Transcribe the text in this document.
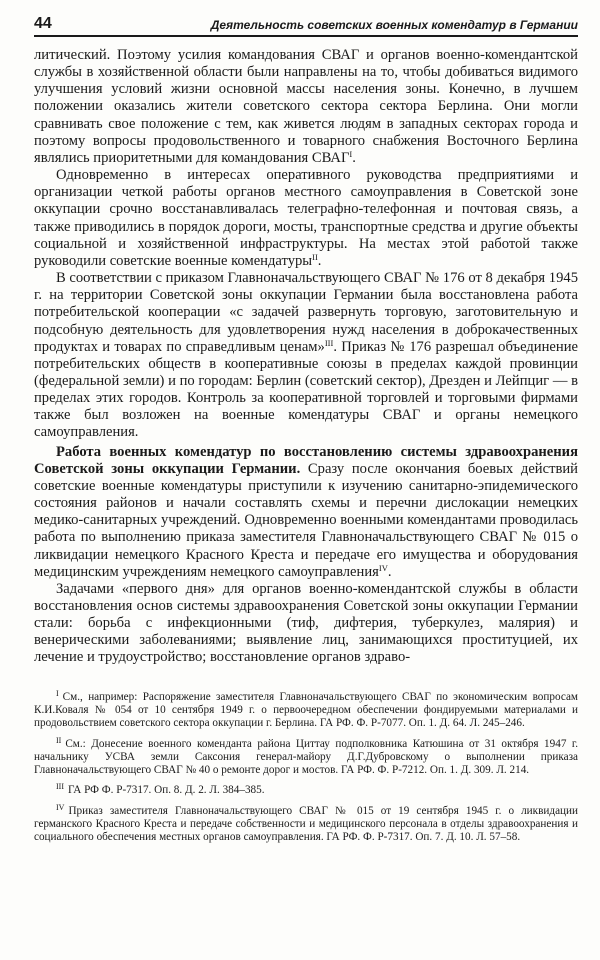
44	Деятельность советских военных комендатур в Германии

литический. Поэтому усилия командования СВАГ и органов военно-комендантской службы в хозяйственной области были направлены на то, чтобы добиваться видимого улучшения условий жизни основной массы населения зоны. Конечно, в лучшем положении оказались жители советского сектора сектора Берлина. Они могли сравнивать свое положение с тем, как живется людям в западных секторах города и поэтому вопросы продовольственного и товарного снабжения Восточного Берлина являлись приоритетными для командования $СВАГ^I$.

Одновременно в интересах оперативного руководства предприятиями и организации четкой работы органов местного самоуправления в Советской зоне оккупации срочно восстанавливалась телеграфно-телефонная и почтовая связь, а также приводились в порядок дороги, мосты, транспортные средства и другие объекты социальной и хозяйственной инфраструктуры. На местах этой работой также руководили советские военные комендатуры$^{II}$.

В соответствии с приказом Главноначальствующего СВАГ № 176 от 8 декабря 1945 г. на территории Советской зоны оккупации Германии была восстановлена работа потребительской кооперации «с задачей развернуть торговую, заготовительную и подсобную деятельность для удовлетворения нужд населения в доброкачественных продуктах и товарах по справедливым ценам»$^{III}$. Приказ № 176 разрешал объединение потребительских обществ в кооперативные союзы в пределах каждой провинции (федеральной земли) и по городам: Берлин (советский сектор), Дрезден и Лейпциг — в пределах этих городов. Контроль за кооперативной торговлей и торговыми фирмами также был возложен на военные комендатуры СВАГ и органы немецкого самоуправления.

Работа военных комендатур по восстановлению системы здравоохранения Советской зоны оккупации Германии. Сразу после окончания боевых действий советские военные комендатуры приступили к изучению санитарно-эпидемического состояния районов и начали составлять схемы и перечни дислокации немецких медико-санитарных учреждений. Одновременно военными комендантами проводилась работа по выполнению приказа заместителя Главноначальствующего СВАГ № 015 о ликвидации немецкого Красного Креста и передаче его имущества и оборудования медицинским учреждениям немецкого самоуправления$^{IV}$.

Задачами «первого дня» для органов военно-комендантской службы в области восстановления основ системы здравоохранения Советской зоны оккупации Германии стали: борьба с инфекционными (тиф, дифтерия, туберкулез, малярия) и венерическими заболеваниями; выявление лиц, занимающихся проституцией, их лечение и трудоустройство; восстановление органов здраво-

$^I$ См., например: Распоряжение заместителя Главноначальствующего СВАГ по экономическим вопросам К.И.Коваля № 054 от 10 сентября 1949 г. о первоочередном обеспечении фондируемыми материалами и продовольствием советского сектора оккупации г. Берлина. ГА РФ. Ф. Р-7077. Оп. 1. Д. 64. Л. 245–246.

$^{II}$ См.: Донесение военного коменданта района Циттау подполковника Катюшина от 31 октября 1947 г. начальнику УСВА земли Саксония генерал-майору Д.Г.Дубровскому о выполнении приказа Главноначальствующего СВАГ № 40 о ремонте дорог и мостов. ГА РФ. Ф. Р-7212. Оп. 1. Д. 309. Л. 214.

$^{III}$ ГА РФ Ф. Р-7317. Оп. 8. Д. 2. Л. 384–385.

$^{IV}$ Приказ заместителя Главноначальствующего СВАГ № 015 от 19 сентября 1945 г. о ликвидации германского Красного Креста и передаче собственности и медицинского персонала в отделы здравоохранения и социального обеспечения местных органов самоуправления. ГА РФ. Ф. Р-7317. Оп. 7. Д. 10. Л. 57–58.
